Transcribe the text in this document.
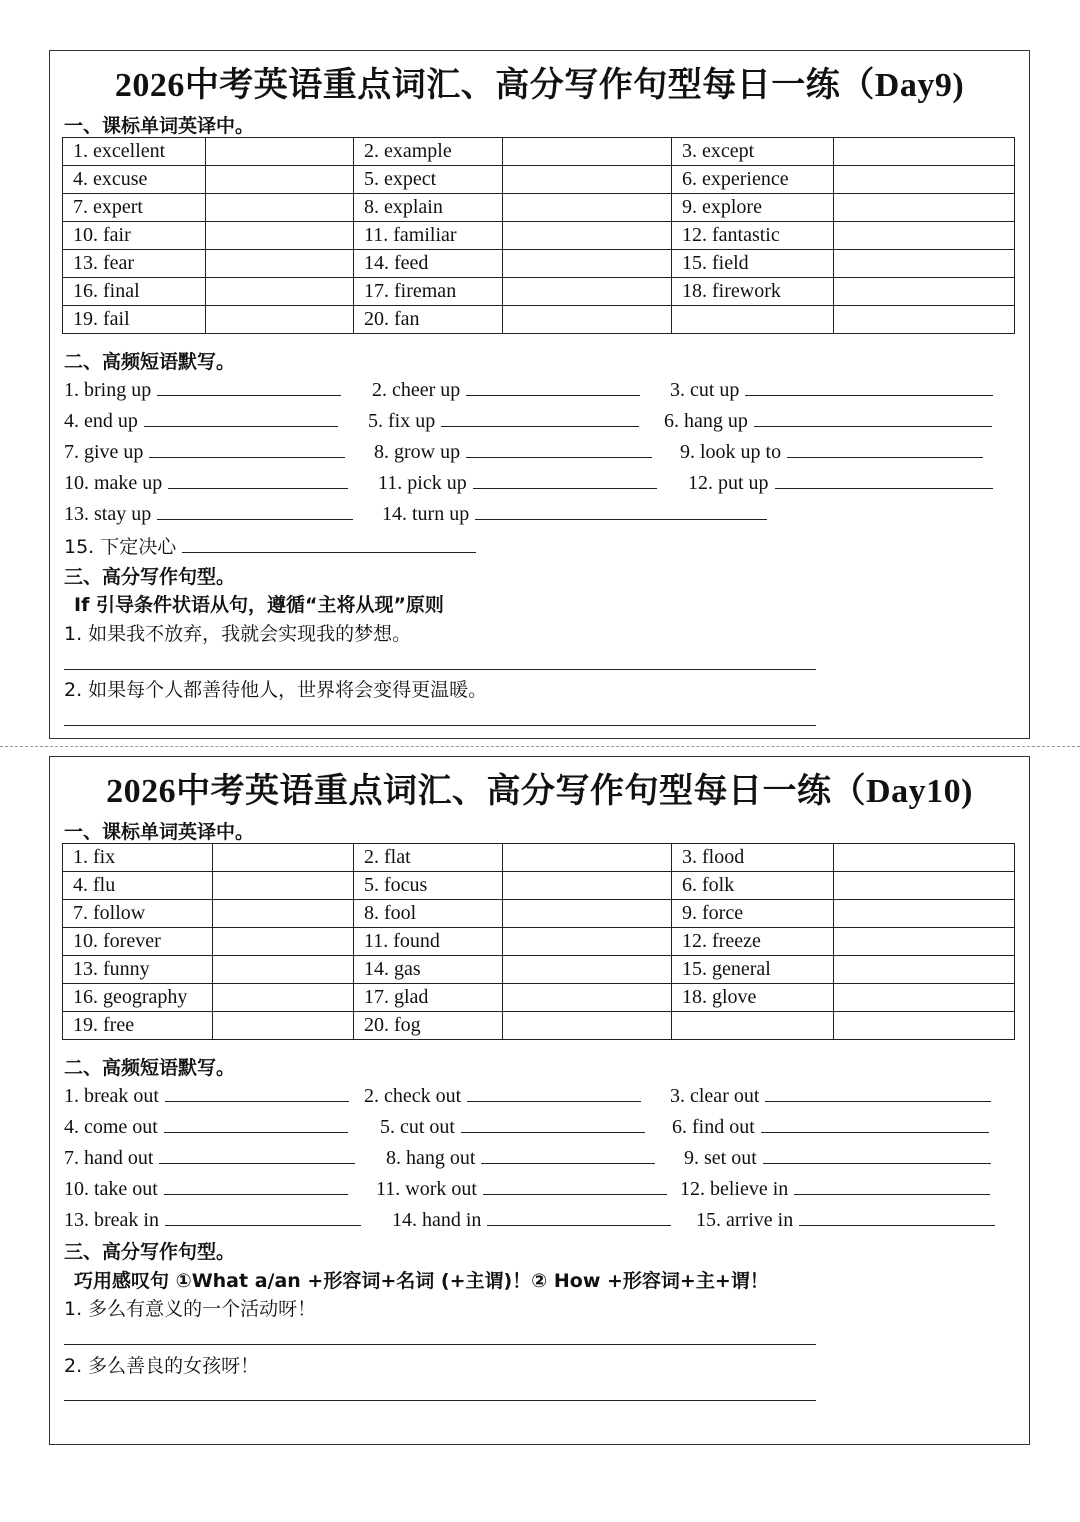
2026中考英语重点词汇、高分写作句型每日一练（Day9)
一、课标单词英译中。
1. excellent		2. example		3. except	
4. excuse		5. expect		6. experience	
7. expert		8. explain		9. explore	
10. fair		11. familiar		12. fantastic	
13. fear		14. feed		15. field	
16. final		17. fireman		18. firework	
19. fail		20. fan			
二、高频短语默写。
1. bring up	2. cheer up	3. cut up
4. end up	5. fix up	6. hang up
7. give up	8. grow up	9. look up to
10. make up	11. pick up	12. put up
13. stay up	14. turn up
15. 下定决心
三、高分写作句型。
If 引导条件状语从句，遵循“主将从现”原则
1. 如果我不放弃，我就会实现我的梦想。
2. 如果每个人都善待他人，世界将会变得更温暖。
2026中考英语重点词汇、高分写作句型每日一练（Day10)
一、课标单词英译中。
1. fix		2. flat		3. flood	
4. flu		5. focus		6. folk	
7. follow		8. fool		9. force	
10. forever		11. found		12. freeze	
13. funny		14. gas		15. general	
16. geography		17. glad		18. glove	
19. free		20. fog			
二、高频短语默写。
1. break out	2. check out	3. clear out
4. come out	5. cut out	6. find out
7. hand out	8. hang out	9. set out
10. take out	11. work out	12. believe in
13. break in	14. hand in	15. arrive in
三、高分写作句型。
巧用感叹句 ①What a/an +形容词+名词 (+主谓)！② How +形容词+主+谓！
1. 多么有意义的一个活动呀！
2. 多么善良的女孩呀！
